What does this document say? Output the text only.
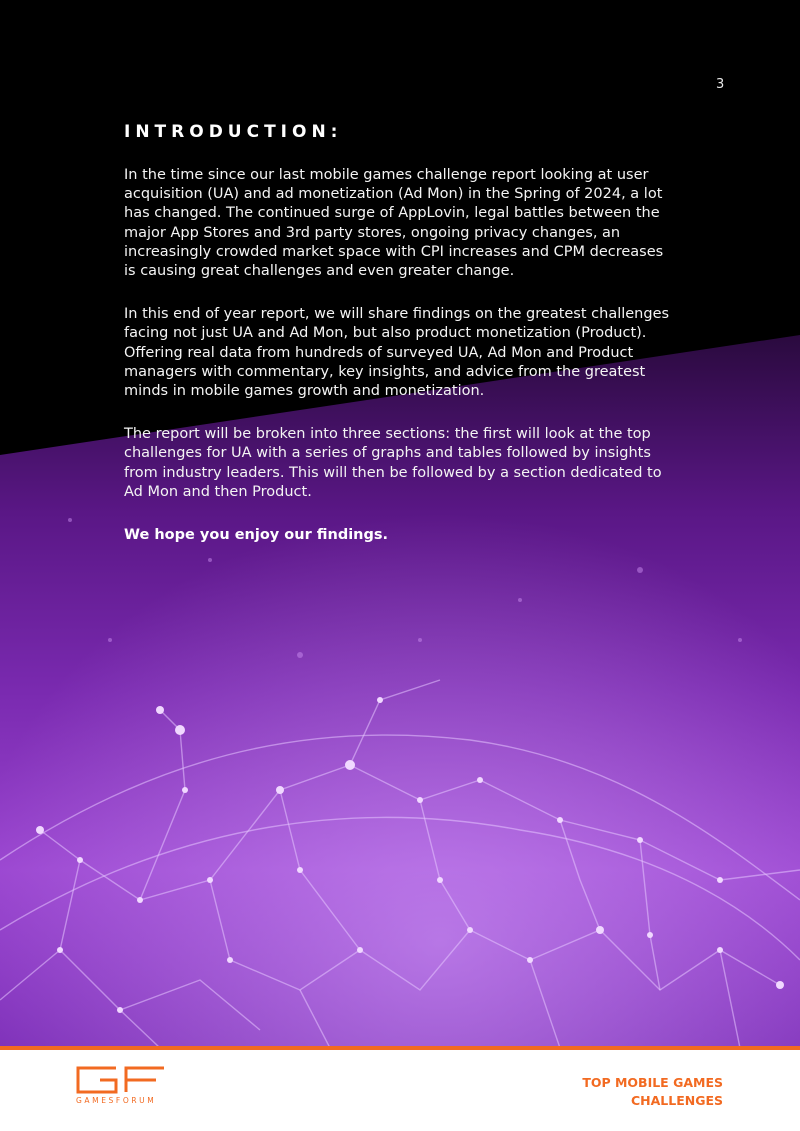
3
INTRODUCTION:

In the time since our last mobile games challenge report looking at user acquisition (UA) and ad monetization (Ad Mon) in the Spring of 2024, a lot has changed. The continued surge of AppLovin, legal battles between the major App Stores and 3rd party stores, ongoing privacy changes, an increasingly crowded market space with CPI increases and CPM decreases is causing great challenges and even greater change.

In this end of year report, we will share findings on the greatest challenges facing not just UA and Ad Mon, but also product monetization (Product). Offering real data from hundreds of surveyed UA, Ad Mon and Product managers with commentary, key insights, and advice from the greatest minds in mobile games growth and monetization.

The report will be broken into three sections: the first will look at the top challenges for UA with a series of graphs and tables followed by insights from industry leaders. This will then be followed by a section dedicated to Ad Mon and then Product.

We hope you enjoy our findings.

GAMESFORUM
TOP MOBILE GAMES
CHALLENGES
